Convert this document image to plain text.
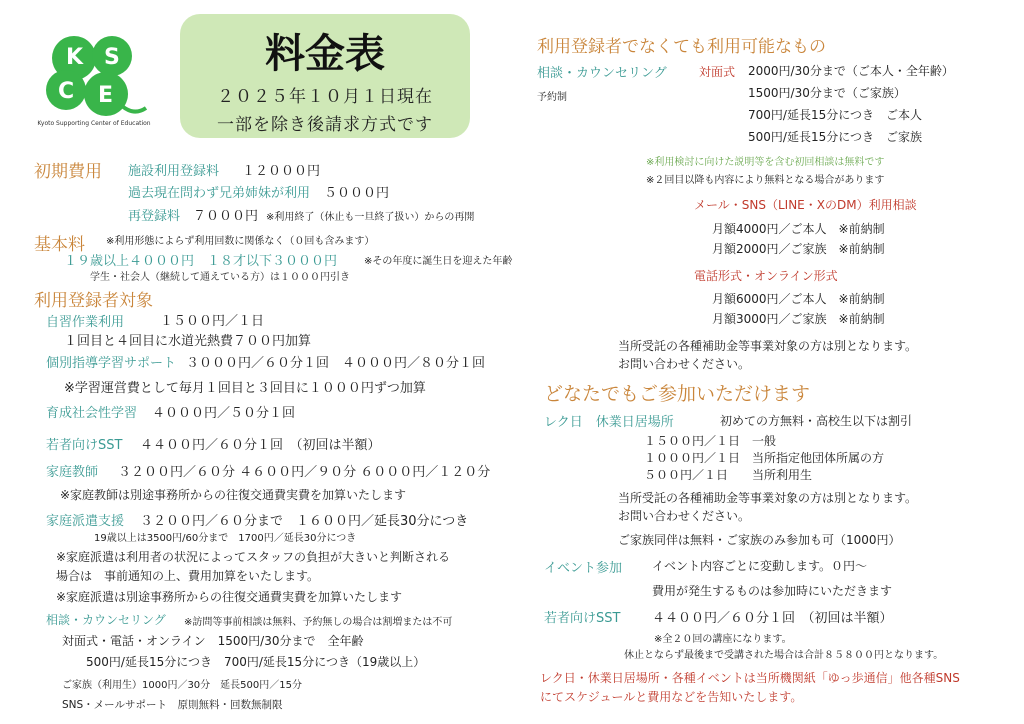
K S
C E
Kyoto Supporting Center of Education
料金表
２０２５年１０月１日現在
一部を除き後請求方式です
初期費用 施設利用登録料 １２０００円
過去現在問わず兄弟姉妹が利用 ５０００円
再登録料 ７０００円 ※利用終了（休止も一旦終了扱い）からの再開
基本料 ※利用形態によらず利用回数に関係なく（０回も含みます）
１９歳以上４０００円　１８才以下３０００円	※その年度に誕生日を迎えた年齢
学生・社会人（継続して通えている方）は１０００円引き
利用登録者対象
自習作業利用	１５００円／１日
１回目と４回目に水道光熱費７００円加算
個別指導学習サポート ３０００円／６０分１回　４０００円／８０分１回
※学習運営費として毎月１回目と３回目に１０００円ずつ加算
育成社会性学習 ４０００円／５０分１回
若者向けSST ４４００円／６０分１回　（初回は半額）
家庭教師 ３２００円／６０分 ４６００円／９０分 ６０００円／１２０分
※家庭教師は別途事務所からの往復交通費実費を加算いたします
家庭派遣支援 ３２００円／６０分まで　１６００円／延長30分につき
19歳以上は3500円/60分まで　1700円／延長30分につき
※家庭派遣は利用者の状況によってスタッフの負担が大きいと判断される
場合は　事前通知の上、費用加算をいたします。
※家庭派遣は別途事務所からの往復交通費実費を加算いたします
相談・カウンセリング ※訪問等事前相談は無料、予約無しの場合は割増または不可
対面式・電話・オンライン　1500円/30分まで　全年齢
500円/延長15分につき　700円/延長15分につき（19歳以上）
ご家族（利用生）1000円／30分　延長500円／15分
SNS・メールサポート　原則無料・回数無制限
利用登録者でなくても利用可能なもの
相談・カウンセリング	対面式 2000円/30分まで（ご本人・全年齢）
予約制	1500円/30分まで（ご家族）
700円/延長15分につき　ご本人
500円/延長15分につき　ご家族
※利用検討に向けた説明等を含む初回相談は無料です
※２回目以降も内容により無料となる場合があります
メール・SNS（LINE・XのDM）利用相談
月額4000円／ご本人　※前納制
月額2000円／ご家族　※前納制
電話形式・オンライン形式
月額6000円／ご本人　※前納制
月額3000円／ご家族　※前納制
当所受託の各種補助金等事業対象の方は別となります。
お問い合わせください。
どなたでもご参加いただけます
レク日　休業日居場所	初めての方無料・高校生以下は割引
１５００円／１日　一般
１０００円／１日　当所指定他団体所属の方
５００円／１日　　当所利用生
当所受託の各種補助金等事業対象の方は別となります。
お問い合わせください。
ご家族同伴は無料・ご家族のみ参加も可（1000円）
イベント参加 イベント内容ごとに変動します。０円〜
費用が発生するものは参加時にいただきます
若者向けSST ４４００円／６０分１回　（初回は半額）
※全２０回の講座になります。
休止とならず最後まで受講された場合は合計８５８００円となります。
レク日・休業日居場所・各種イベントは当所機関紙「ゆっ歩通信」他各種SNS
にてスケジュールと費用などを告知いたします。
